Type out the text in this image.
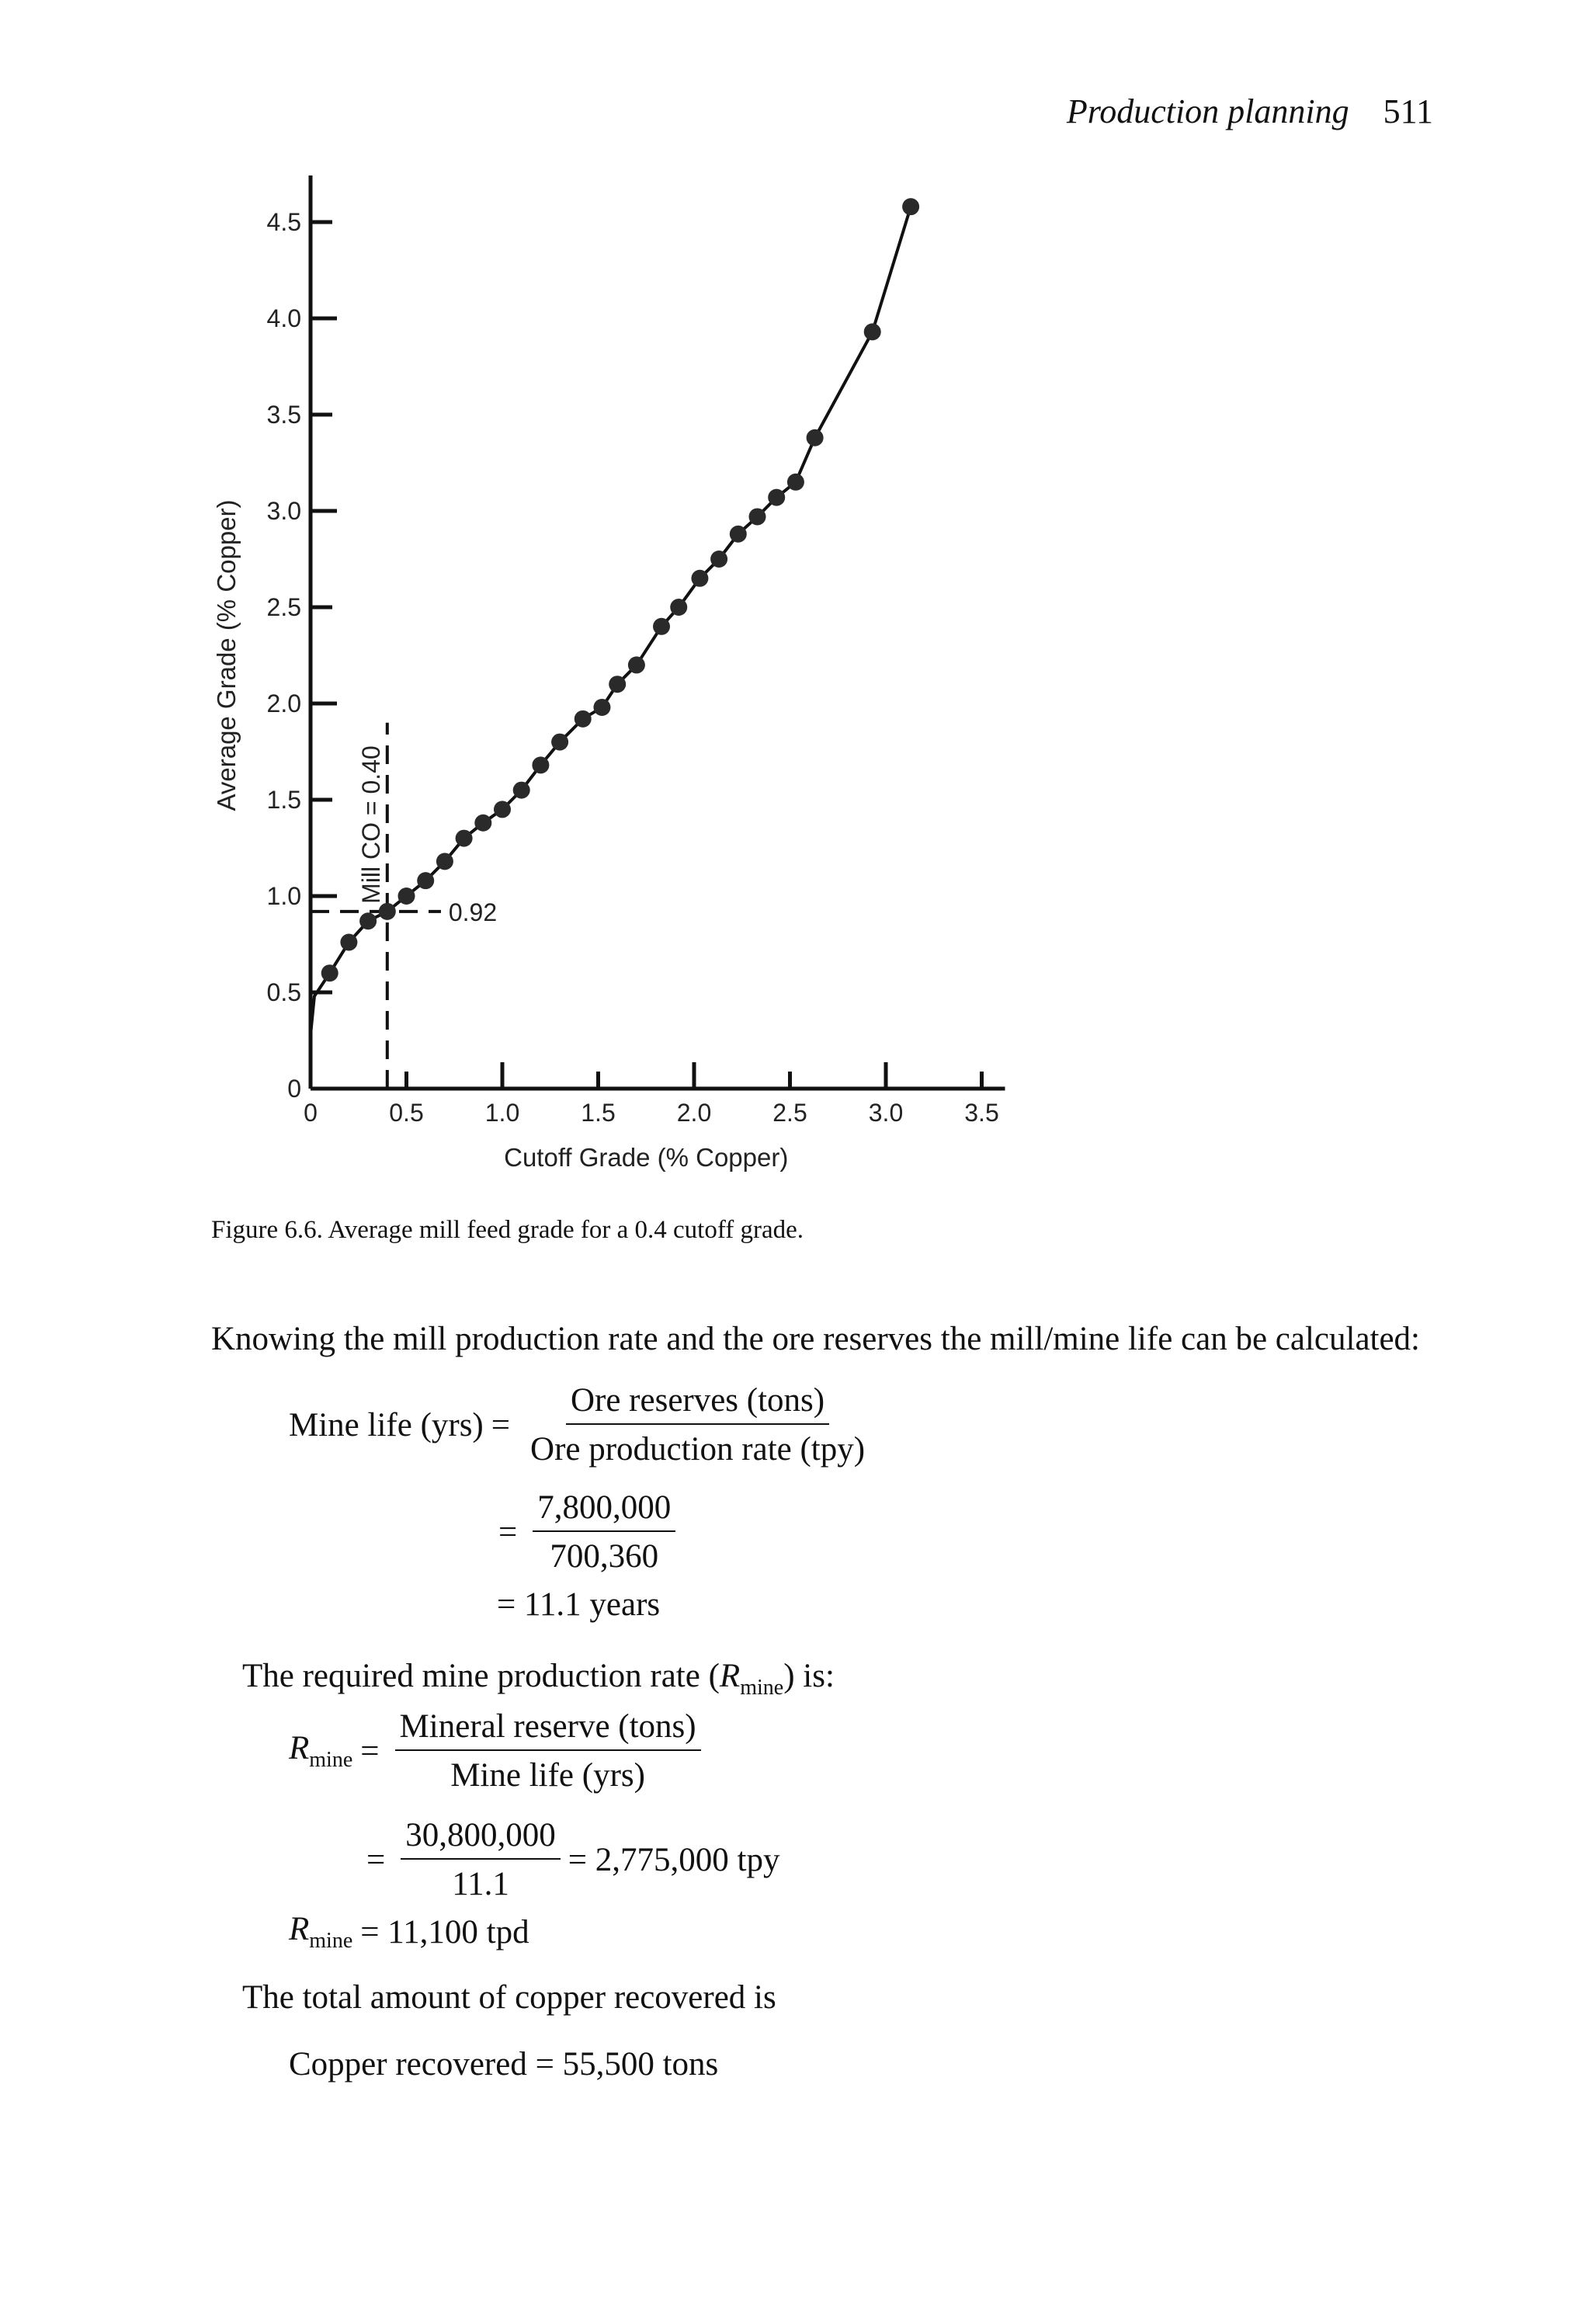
Production planning 511
0	0.5 1.0 1.5 2.0 2.5 3.0 3.5
0
0.5
1.0
1.5
2.0
2.5
3.0
3.5
4.0
4.5
Cutoff Grade (% Copper)
Average Grade (% Copper)
Mill CO = 0.40
0.92
Figure 6.6. Average mill feed grade for a 0.4 cutoff grade.
Knowing the mill production rate and the ore reserves the mill/mine life can be calculated:
Mine life $(yrs) = \frac{\text{Ore reserves (tons)}}{\text{Ore production rate (tpy)}}$
= $\frac{7,800,000}{700,360}$
= 11.1 years
The required mine production rate $(R_{mine})$ is:
$R_{mine} = \frac{\text{Mineral reserve (tons)}}{\text{Mine life (yrs)}}$
= $\frac{30,800,000}{11.1} = 2,775,000$ tpy
$R_{mine} = 11,100$ tpd
The total amount of copper recovered is
Copper recovered = 55,500 tons
